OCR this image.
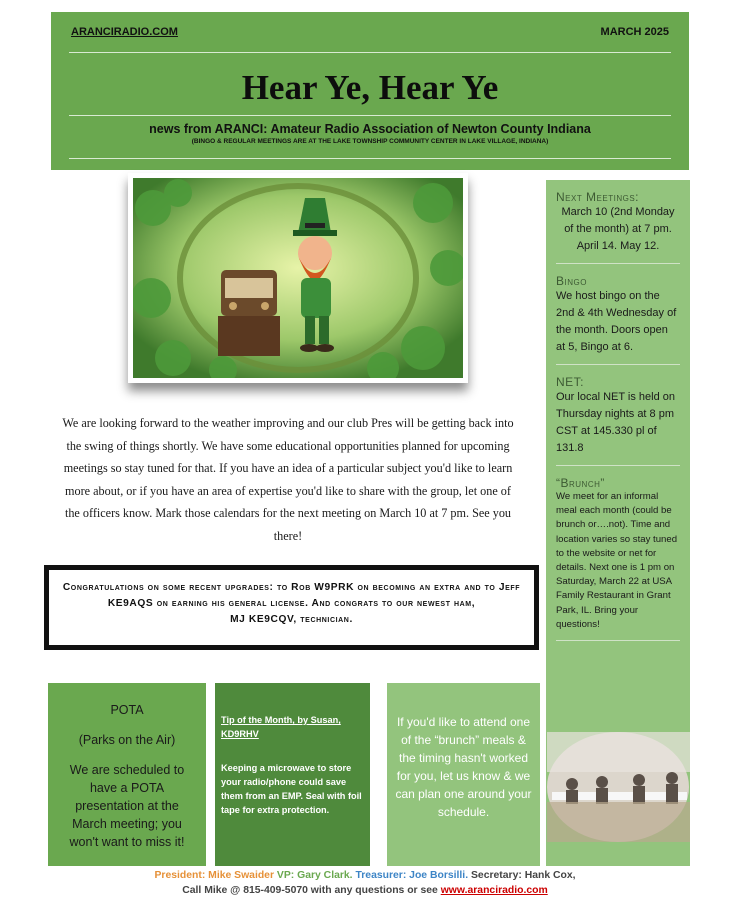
ARANCIRADIO.COM	MARCH 2025
Hear Ye, Hear Ye
news from ARANCI: Amateur Radio Association of Newton County Indiana
(BINGO & REGULAR MEETINGS ARE AT THE LAKE TOWNSHIP COMMUNITY CENTER IN LAKE VILLAGE, INDIANA)

We are looking forward to the weather improving and our club Pres will be getting back into the swing of things shortly. We have some educational opportunities planned for upcoming meetings so stay tuned for that. If you have an idea of a particular subject you'd like to learn more about, or if you have an area of expertise you'd like to share with the group, let one of the officers know. Mark those calendars for the next meeting on March 10 at 7 pm. See you there!

Congratulations on some recent upgrades: to Rob W9PRK on becoming an extra and to Jeff KE9AQS on earning his general license. And congrats to our newest ham,
MJ KE9CQV, technician.
Next Meetings:
March 10 (2nd Monday of the month) at 7 pm.
April 14. May 12.
Bingo
We host bingo on the 2nd & 4th Wednesday of the month. Doors open at 5, Bingo at 6.
NET:
Our local NET is held on Thursday nights at 8 pm CST at 145.330 pl of 131.8
“Brunch”
We meet for an informal meal each month (could be brunch or….not). Time and location varies so stay tuned to the website or net for details. Next one is 1 pm on Saturday, March 22 at USA Family Restaurant in Grant Park, IL. Bring your questions!

POTA

(Parks on the Air)

We are scheduled to have a POTA presentation at the March meeting; you won't want to miss it!

Tip of the Month, by Susan, KD9RHV
Keeping a microwave to store your radio/phone could save them from an EMP. Seal with foil tape for extra protection.
If you'd like to attend one of the “brunch” meals & the timing hasn't worked for you, let us know & we can plan one around your schedule.
President: Mike Swaider VP: Gary Clark. Treasurer: Joe Borsilli. Secretary: Hank Cox,
Call Mike @ 815-409-5070 with any questions or see www.aranciradio.com
